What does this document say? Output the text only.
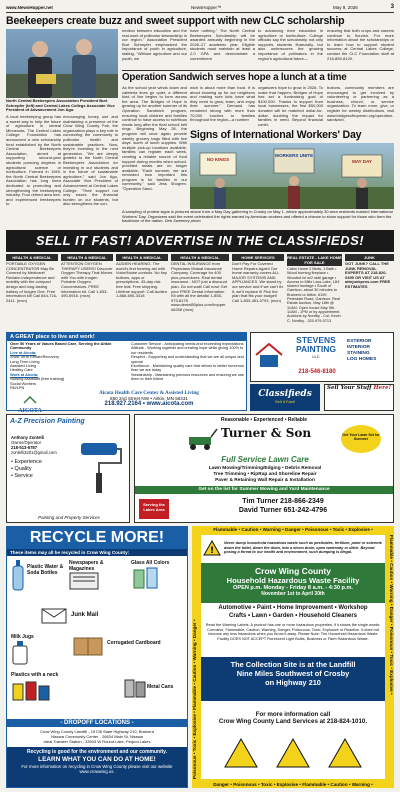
www.NewsHopper.net	NewsHopper™	May 9, 2026	3
Beekeepers create buzz and sweet support with new CLC scholarship
North Central Beekeepers Association President Burt Schrepfer (left) and Central Lakes College Associate Vice President of Advancement Jon Ago.
A local beekeeping group has a sweet way to help the future of agriculture in central Minnesota. The Central Lakes College Foundation has announced a new scholarship fund established by the North Central Beekeepers Association, aimed at supporting second-year students pursuing degrees in agricultural science or horticulture. Formed in 1949, the North Central Beekeepers Association has long been dedicated to promoting and strengthening the beekeeping industry. Four retired area bee- and experienced beekeepers to
encouraging honey use and maintaining a presence at the Crow Wing County Fair, the organization plays a key role in connecting the community to pollinator health and sustainable practices. Now, they're investing in the next generation. "We are deeply grateful to the North Central Beekeepers Association for investing in our students and in the future of sustainable agriculture," said Jon Ago, Associate Vice President of Advancement at Central Lakes College. "Their support not only eases the financial burden on our students, but also strengthens the con-
nection between education and the real-work of pollinator stewardship in our region." Association President Burt Schrepfer emphasized the importance of youth in agriculture, stating, "Without agriculture and our youth, we
have nothing." The North Central Beekeepers Scholarship will be awarded annually beginning in the 2026–27 academic year. Eligible students must maintain at least a 2.0 GPA and demonstrate a commitment
to advancing their education in agriculture or horticulture. College officials say the scholarship not only supports students financially, but also underscores the growing importance of pollinators in the region's agricultural future—
ensuring that both crops and careers continue to flourish. For more information about the scholarships or to learn how to support student success at Central Lakes College, contact the CLC Foundation staff at 218-855-8129.
Operation Sandwich serves hope a lunch at a time
As the school year winds down and cafeteria lines go quiet, a different kind of line begins to form across the area. The Bridges of Hope is gearing up for another summer of its Operation Sandwich program, ensuring local children and families continue to have access to nutritious meals long after the final school bell rings. Beginning May 28, the program will once again provide weekly grocery bags filled with five days' worth of lunch supplies. With multiple pick-up locations available, families can register each week, creating a reliable source of food support during months when school-provided meals are no longer available. "Each summer, we are reminded how important this program is for families in our community," said Jess Shogren. "Operation Sand-
wich is about more than food. It is about showing up for our neighbors and making sure kids have what they need to grow, learn, and enjoy their summer." Demand has remained strong with more than 70,000 lunches to families throughout the region—a number
organizers hope to grow in 2026. To make that happen, Bridges of Hope has set a fundraising goal of $100,000. Thanks to support from local businesses, the first $50,000 donated will be matched dollar-for-dollar, doubling the impact for families in need. Beyond financial contri-
butions, community members are encouraged to get involved by volunteering or partnering as a business, church, or service organization. To learn more, give, or register for weekly distributions, visit www.bridgesofhopemn.org/operation-sandwich.
Signs of International Workers' Day
NO KINGS
WORKERS UNITE
MAY DAY
A sampling of protest signs is pictured above from a May Day gathering in Crosby on May 1, where approximately 30 area residents marked International Workers' Day. Organizers said the event celebrated the rights earned by American workers and offered a chance to show support for those who form the backbone of the nation. Deb Sweeney photo
SELL IT FAST! ADVERTISE IN THE CLASSIFIEDS!
HEALTH & MEDICAL
PORTABLE OXYGEN CONCENTRATOR May Be Covered by Medicare! Reclaim independence and mobility with the compact design and long-lasting battery of Inogen One. Free information kit! Call 844-716-2411. (mcn)
HEALTH & MEDICAL
ATTENTION OXYGEN THERAPY USERS! Discover Oxygen Therapy That Moves with You with Inogen Portable Oxygen Concentrators. FREE information kit. Call 1-833-490-5916. (mcn)
HEALTH & MEDICAL
AUDIEN HEARING. The world's first hearing aid with Voice/Noise controls. No tiny buttons, apps or prescriptions. 45-day risk free trial. Free shipping. Lifetime support. Call Audien 1-866-695-3418
HEALTH & MEDICAL
DENTAL INSURANCE from Physicians Mutual Insurance Company. Coverage for 400 plus procedures. Real dental insurance - NOT just a discount plan. Do not wait! Call now! Get your FREE Dental Information Kit with all the details! 1-855-973-8175 www.dental50plus.com/hopper #6258 (mcn)
HOME SERVICES
Don't Pay For Covered Home Repairs Again! Our home warranty covers ALL MAJOR SYSTEMS AND APPLIANCES. We stand by our service and if we can't fix it, we'll replace it! Pick the plan that fits your budget! Call 1-833-451-0793. (mcn)
REAL ESTATE - LAKE HOME FOR SALE
Cabin Home 2 Beds, 1 Bath • Wood burning fireplace • Wooded lot w/2 stall garage • Access to Mille Lacs Lake, 184' shared frontage • South of Garrison, about 30 minutes to Brainerd or Aitkin. 6199 Peterdale Road, Garrison. Real Estate Auction, May 18th @ 11AM. Open house May 9th, 11AM - 1PM or by appointment. Auctions by Nordby - Col. Kevin C. Nordby - 320-979-0713
JUNK
GOT JUNK? CALL THE JUNK REMOVAL EXPERTS AT 218-820-0499 OR VISIT US AT attnjunkpros.com FREE ESTIMATES
A GREAT place to live and work!
Over 50 Years of Values Based Care, Serving the Aitkin Community
Live at Aicota:
Short Term Rehab/Recovery
Long Term Living
Assisted Living
Healthy Care
Work at Aicota:
Nursing Assistant (free training)
Social Workers
RN/LPN
Customer Service - Anticipating needs and exceeding expectations
Attitude - Working together and creating hope while giving 100% to our residents
Respect - Supporting and understanding that we are all unique and special
Excellence - Maintaining quality care that strives to better tomorrow than we are today
Stewardship - Maintaining precious resources and ensuring we use them to their fullest
AICOTA
Aicota Health Care Center & Assisted Living
850 2nd Street NW • Aitkin, MN 56431
218.927.2164 • www.aicota.com
STEVENS PAINTING
LLC
EXTERIOR
INTERIOR
STAINING
LOG HOMES
218-546-8180
Classifieds
Sell It Fast!
Sell Your Stuff Here!
A-Z Precision Painting
Anthony Zontelli
Owner/Operator
218-513-6787
zontelli3201@gmail.com
• Experience
• Quality
• Service
Painting and Property Services
Reasonable • Experienced • Reliable
Turner & Son	Get Your Lawn Set for Summer
Full Service Lawn Care
Lawn Mowing/Trimming/Edging • Debris Removal
Tree Trimming • RipRap and Shoreline Repair
Paver & Retaining Wall Repair & Installation
Get on the list for Summer Mowing and Yard Maintenance
Serving the Lakes Area
Tim Turner 218-866-2349
David Turner 651-242-4796
RECYCLE MORE!
These items may all be recycled in Crow Wing County:
Plastic Water & Soda Bottles
Newspapers & Magazines
Glass All Colors
Junk Mail
Milk Jugs
Corrugated Cardboard
Plastics with a neck
Metal Cans
- DROPOFF LOCATIONS -
Crow Wing County Landfill - 15728 State Highway 210, Brainerd
Nisswa Community Center - 26634 Main St, Nisswa
Ideal Transfer Station - 33903 W Round Lake, Pequot Lakes
Recycling is good for the environment and our community.
LEARN WHAT YOU CAN DO AT HOME!
For more information on recycling in Crow Wing County please visit our website www.crowwing.us.
Flammable • Caution • Warning • Danger • Poisonous • Toxic • Explosive •
Poisonous • Toxic • Explosive • Flammable • Caution • Warning • Danger •
Flammable • Caution • Warning • Danger • Poisonous • Toxic • Explosive •
!
Never dump household hazardous waste such as pesticides, fertilizer, paint or solvents down the toilet, down the drain, into a storm drain, open waterway or ditch. Beyond posing a threat to our health and environment, such dumping is illegal.
Crow Wing County
Household Hazardous Waste Facility
OPEN p.m. Monday - Friday 8 a.m. - 4:30 p.m.
November 1st to April 30th
Automotive • Paint • Home Improvement • Workshop
Crafts • Lawn • Garden • Household Cleaners
Read the Warning Labels. A product has one or more hazardous properties, if it shows the single words: Corrosive, Flammable, Caution, Warning, Danger, Poisonous, Toxic, Explosive or Reactive. It does not become any less hazardous when you throw it away. Please Note: The Household Hazardous Waste Facility DOES NOT ACCEPT Florescent Light Bulbs, Business or Farm Hazardous Waste.
The Collection Site is at the Landfill
Nine Miles Southwest of Crosby
on Highway 210
For more information call
Crow Wing County Land Services at 218-824-1010.
Danger • Poisonous • Toxic • Explosive • Flammable • Caution • Warning •
